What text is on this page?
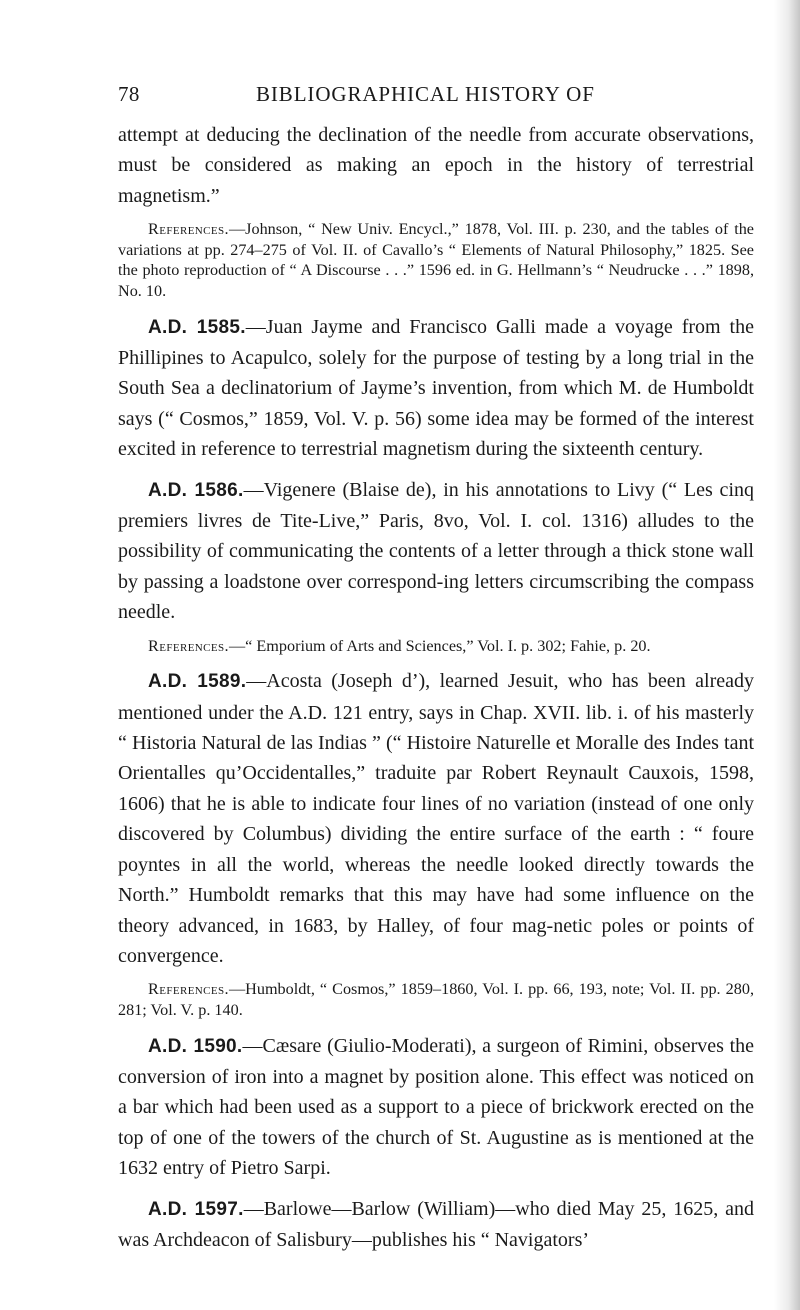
78	BIBLIOGRAPHICAL HISTORY OF

attempt at deducing the declination of the needle from accurate observations, must be considered as making an epoch in the history of terrestrial magnetism.”

References.—Johnson, “ New Univ. Encycl.,” 1878, Vol. III. p. 230, and the tables of the variations at pp. 274–275 of Vol. II. of Cavallo’s “ Elements of Natural Philosophy,” 1825. See the photo reproduction of “ A Discourse . . .” 1596 ed. in G. Hellmann’s “ Neudrucke . . .” 1898, No. 10.

A.D. 1585.—Juan Jayme and Francisco Galli made a voyage from the Phillipines to Acapulco, solely for the purpose of testing by a long trial in the South Sea a declinatorium of Jayme’s invention, from which M. de Humboldt says (“ Cosmos,” 1859, Vol. V. p. 56) some idea may be formed of the interest excited in reference to terrestrial magnetism during the sixteenth century.

A.D. 1586.—Vigenere (Blaise de), in his annotations to Livy (“ Les cinq premiers livres de Tite-Live,” Paris, 8vo, Vol. I. col. 1316) alludes to the possibility of communicating the contents of a letter through a thick stone wall by passing a loadstone over correspond-ing letters circumscribing the compass needle.

References.—“ Emporium of Arts and Sciences,” Vol. I. p. 302; Fahie, p. 20.

A.D. 1589.—Acosta (Joseph d’), learned Jesuit, who has been already mentioned under the A.D. 121 entry, says in Chap. XVII. lib. i. of his masterly “ Historia Natural de las Indias ” (“ Histoire Naturelle et Moralle des Indes tant Orientalles qu’Occidentalles,” traduite par Robert Reynault Cauxois, 1598, 1606) that he is able to indicate four lines of no variation (instead of one only discovered by Columbus) dividing the entire surface of the earth : “ foure poyntes in all the world, whereas the needle looked directly towards the North.” Humboldt remarks that this may have had some influence on the theory advanced, in 1683, by Halley, of four mag-netic poles or points of convergence.

References.—Humboldt, “ Cosmos,” 1859–1860, Vol. I. pp. 66, 193, note; Vol. II. pp. 280, 281; Vol. V. p. 140.

A.D. 1590.—Cæsare (Giulio-Moderati), a surgeon of Rimini, observes the conversion of iron into a magnet by position alone. This effect was noticed on a bar which had been used as a support to a piece of brickwork erected on the top of one of the towers of the church of St. Augustine as is mentioned at the 1632 entry of Pietro Sarpi.

A.D. 1597.—Barlowe—Barlow (William)—who died May 25, 1625, and was Archdeacon of Salisbury—publishes his “ Navigators’
